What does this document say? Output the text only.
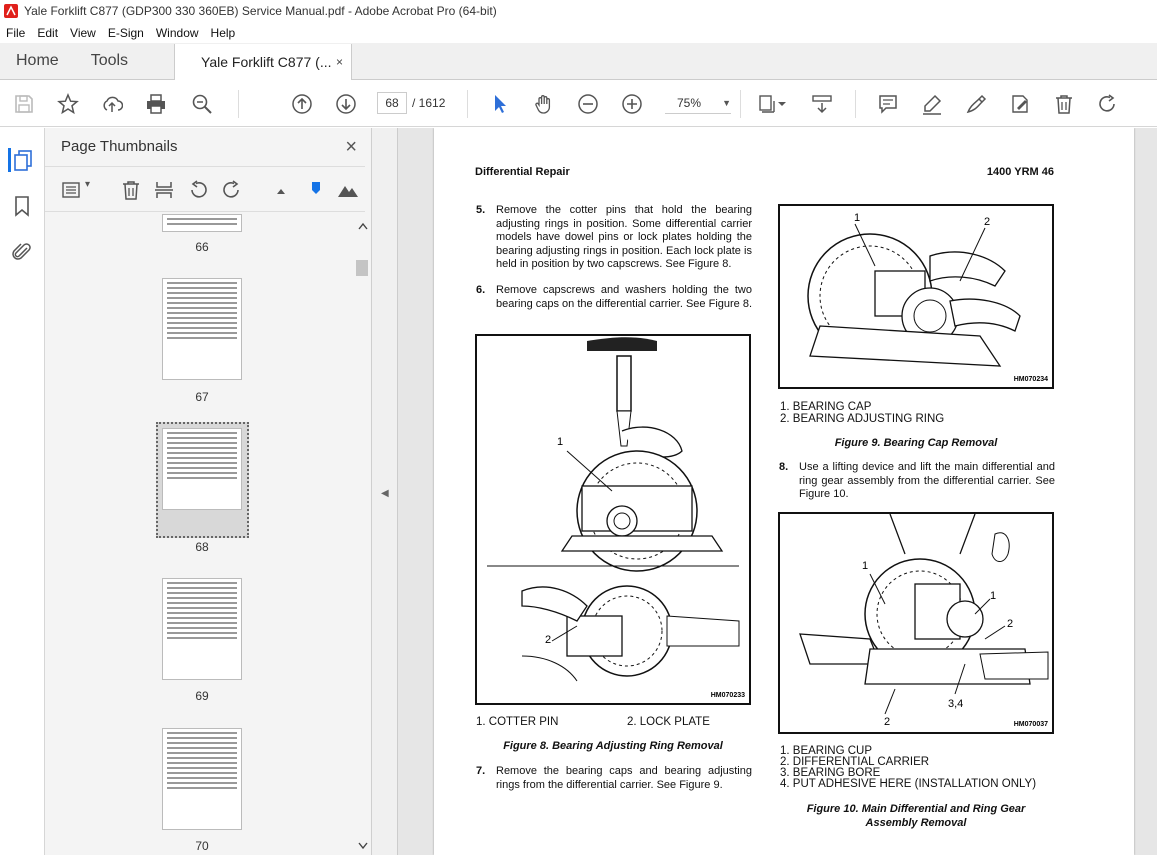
Yale Forklift C877 (GDP300 330 360EB) Service Manual.pdf - Adobe Acrobat Pro (64-bit)
File	Edit	View	E-Sign	Window	Help
Home	Tools	Yale Forklift C877 (... ×
68	/ 1612	75% ▼
Page Thumbnails	×
▾
66
67
68
69
70
◀
Differential Repair	1400 YRM 46
5. Remove the cotter pins that hold the bearing adjusting rings in position. Some differential carrier models have dowel pins or lock plates holding the bearing adjusting rings in position. Each lock plate is held in position by two capscrews. See Figure 8.
6. Remove capscrews and washers holding the two bearing caps on the differential carrier. See Figure 8.
1
2
HM070233
1. COTTER PIN	2. LOCK PLATE
Figure 8. Bearing Adjusting Ring Removal
7. Remove the bearing caps and bearing adjusting rings from the differential carrier. See Figure 9.
1	2
HM070234
1. BEARING CAP
2. BEARING ADJUSTING RING
Figure 9. Bearing Cap Removal
8. Use a lifting device and lift the main differential and ring gear assembly from the differential carrier. See Figure 10.
1
1
2
3,4
2	HM070037
1. BEARING CUP
2. DIFFERENTIAL CARRIER
3. BEARING BORE
4. PUT ADHESIVE HERE (INSTALLATION ONLY)
Figure 10. Main Differential and Ring Gear
Assembly Removal
